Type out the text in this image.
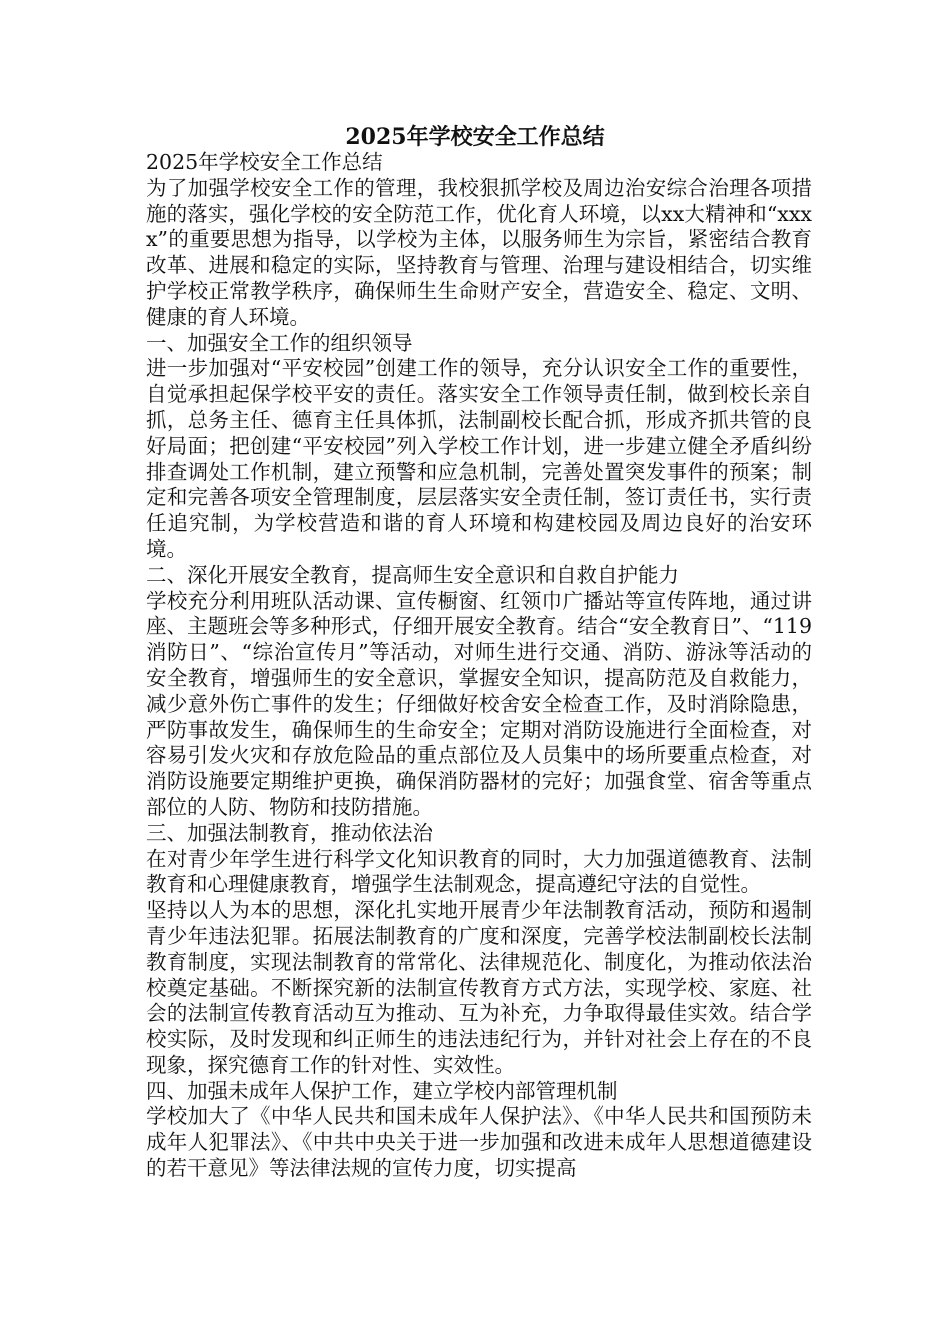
2025年学校安全工作总结

2025年学校安全工作总结

为了加强学校安全工作的管理，我校狠抓学校及周边治安综合治理各项措施的落实，强化学校的安全防范工作，优化育人环境，以xx大精神和“xxxx”的重要思想为指导，以学校为主体，以服务师生为宗旨，紧密结合教育改革、进展和稳定的实际，坚持教育与管理、治理与建设相结合，切实维护学校正常教学秩序，确保师生生命财产安全，营造安全、稳定、文明、健康的育人环境。

一、加强安全工作的组织领导

进一步加强对“平安校园”创建工作的领导，充分认识安全工作的重要性，自觉承担起保学校平安的责任。落实安全工作领导责任制，做到校长亲自抓，总务主任、德育主任具体抓，法制副校长配合抓，形成齐抓共管的良好局面；把创建“平安校园”列入学校工作计划，进一步建立健全矛盾纠纷排查调处工作机制，建立预警和应急机制，完善处置突发事件的预案；制定和完善各项安全管理制度，层层落实安全责任制，签订责任书，实行责任追究制，为学校营造和谐的育人环境和构建校园及周边良好的治安环境。

二、深化开展安全教育，提高师生安全意识和自救自护能力

学校充分利用班队活动课、宣传橱窗、红领巾广播站等宣传阵地，通过讲座、主题班会等多种形式，仔细开展安全教育。结合“安全教育日”、“119消防日”、“综治宣传月”等活动，对师生进行交通、消防、游泳等活动的安全教育，增强师生的安全意识，掌握安全知识，提高防范及自救能力，减少意外伤亡事件的发生；仔细做好校舍安全检查工作，及时消除隐患，严防事故发生，确保师生的生命安全；定期对消防设施进行全面检查，对容易引发火灾和存放危险品的重点部位及人员集中的场所要重点检查，对消防设施要定期维护更换，确保消防器材的完好；加强食堂、宿舍等重点部位的人防、物防和技防措施。

三、加强法制教育，推动依法治

在对青少年学生进行科学文化知识教育的同时，大力加强道德教育、法制教育和心理健康教育，增强学生法制观念，提高遵纪守法的自觉性。

坚持以人为本的思想，深化扎实地开展青少年法制教育活动，预防和遏制青少年违法犯罪。拓展法制教育的广度和深度，完善学校法制副校长法制教育制度，实现法制教育的常常化、法律规范化、制度化，为推动依法治校奠定基础。不断探究新的法制宣传教育方式方法，实现学校、家庭、社会的法制宣传教育活动互为推动、互为补充，力争取得最佳实效。结合学校实际，及时发现和纠正师生的违法违纪行为，并针对社会上存在的不良现象，探究德育工作的针对性、实效性。

四、加强未成年人保护工作，建立学校内部管理机制

学校加大了《中华人民共和国未成年人保护法》、《中华人民共和国预防未成年人犯罪法》、《中共中央关于进一步加强和改进未成年人思想道德建设的若干意见》等法律法规的宣传力度，切实提高
